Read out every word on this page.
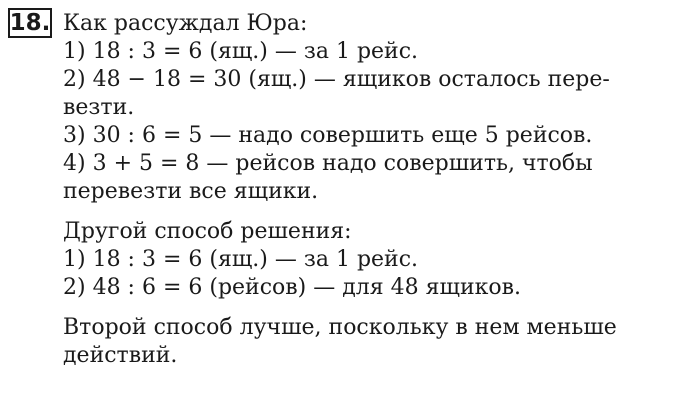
18. Как рассуждал Юра:
1) 18 : 3 = 6 (ящ.) — за 1 рейс.
2) 48 − 18 = 30 (ящ.) — ящиков осталось пере-
везти.
3) 30 : 6 = 5 — надо совершить еще 5 рейсов.
4) 3 + 5 = 8 — рейсов надо совершить, чтобы
перевезти все ящики.
Другой способ решения:
1) 18 : 3 = 6 (ящ.) — за 1 рейс.
2) 48 : 6 = 6 (рейсов) — для 48 ящиков.
Второй способ лучше, поскольку в нем меньше
действий.
